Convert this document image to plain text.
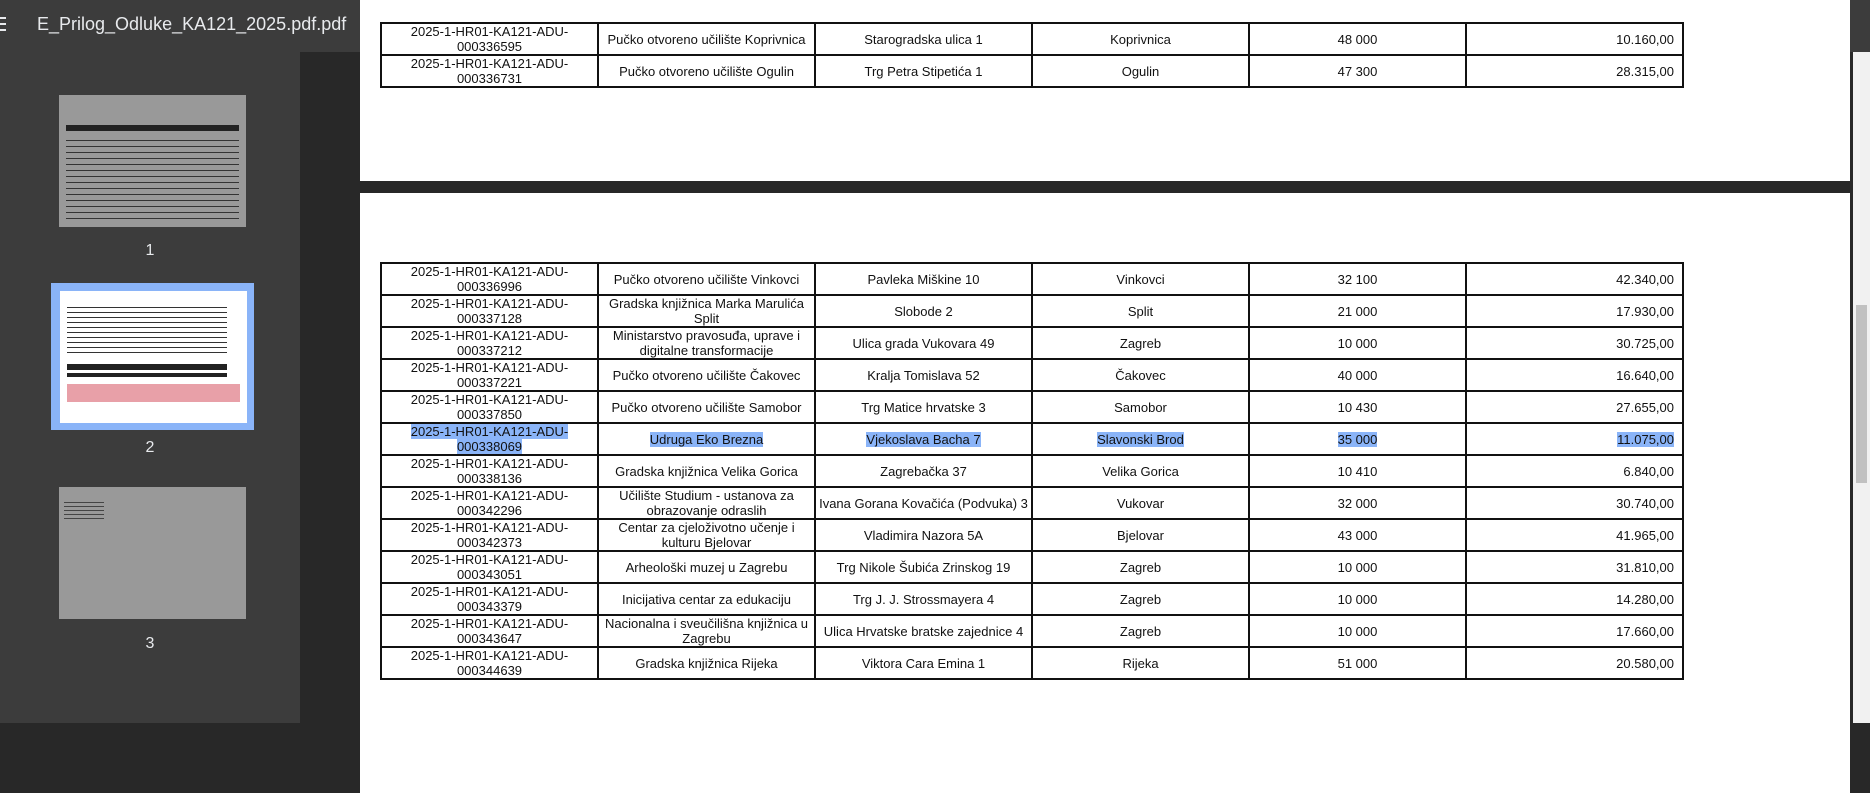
E_Prilog_Odluke_KA121_2025.pdf.pdf
1
2
3
2025-1-HR01-KA121-ADU-000336595	Pučko otvoreno učilište Koprivnica	Starogradska ulica 1	Koprivnica	48 000	10.160,00
2025-1-HR01-KA121-ADU-000336731	Pučko otvoreno učilište Ogulin	Trg Petra Stipetića 1	Ogulin	47 300	28.315,00
2025-1-HR01-KA121-ADU-000336996	Pučko otvoreno učilište Vinkovci	Pavleka Miškine 10	Vinkovci	32 100	42.340,00
2025-1-HR01-KA121-ADU-000337128	Gradska knjižnica Marka Marulića Split	Slobode 2	Split	21 000	17.930,00
2025-1-HR01-KA121-ADU-000337212	Ministarstvo pravosuđa, uprave i digitalne transformacije	Ulica grada Vukovara 49	Zagreb	10 000	30.725,00
2025-1-HR01-KA121-ADU-000337221	Pučko otvoreno učilište Čakovec	Kralja Tomislava 52	Čakovec	40 000	16.640,00
2025-1-HR01-KA121-ADU-000337850	Pučko otvoreno učilište Samobor	Trg Matice hrvatske 3	Samobor	10 430	27.655,00
2025-1-HR01-KA121-ADU-000338069	Udruga Eko Brezna	Vjekoslava Bacha 7	Slavonski Brod	35 000	11.075,00
2025-1-HR01-KA121-ADU-000338136	Gradska knjižnica Velika Gorica	Zagrebačka 37	Velika Gorica	10 410	6.840,00
2025-1-HR01-KA121-ADU-000342296	Učilište Studium - ustanova za obrazovanje odraslih	Ivana Gorana Kovačića (Podvuka) 3	Vukovar	32 000	30.740,00
2025-1-HR01-KA121-ADU-000342373	Centar za cjeloživotno učenje i kulturu Bjelovar	Vladimira Nazora 5A	Bjelovar	43 000	41.965,00
2025-1-HR01-KA121-ADU-000343051	Arheološki muzej u Zagrebu	Trg Nikole Šubića Zrinskog 19	Zagreb	10 000	31.810,00
2025-1-HR01-KA121-ADU-000343379	Inicijativa centar za edukaciju	Trg J. J. Strossmayera 4	Zagreb	10 000	14.280,00
2025-1-HR01-KA121-ADU-000343647	Nacionalna i sveučilišna knjižnica u Zagrebu	Ulica Hrvatske bratske zajednice 4	Zagreb	10 000	17.660,00
2025-1-HR01-KA121-ADU-000344639	Gradska knjižnica Rijeka	Viktora Cara Emina 1	Rijeka	51 000	20.580,00
